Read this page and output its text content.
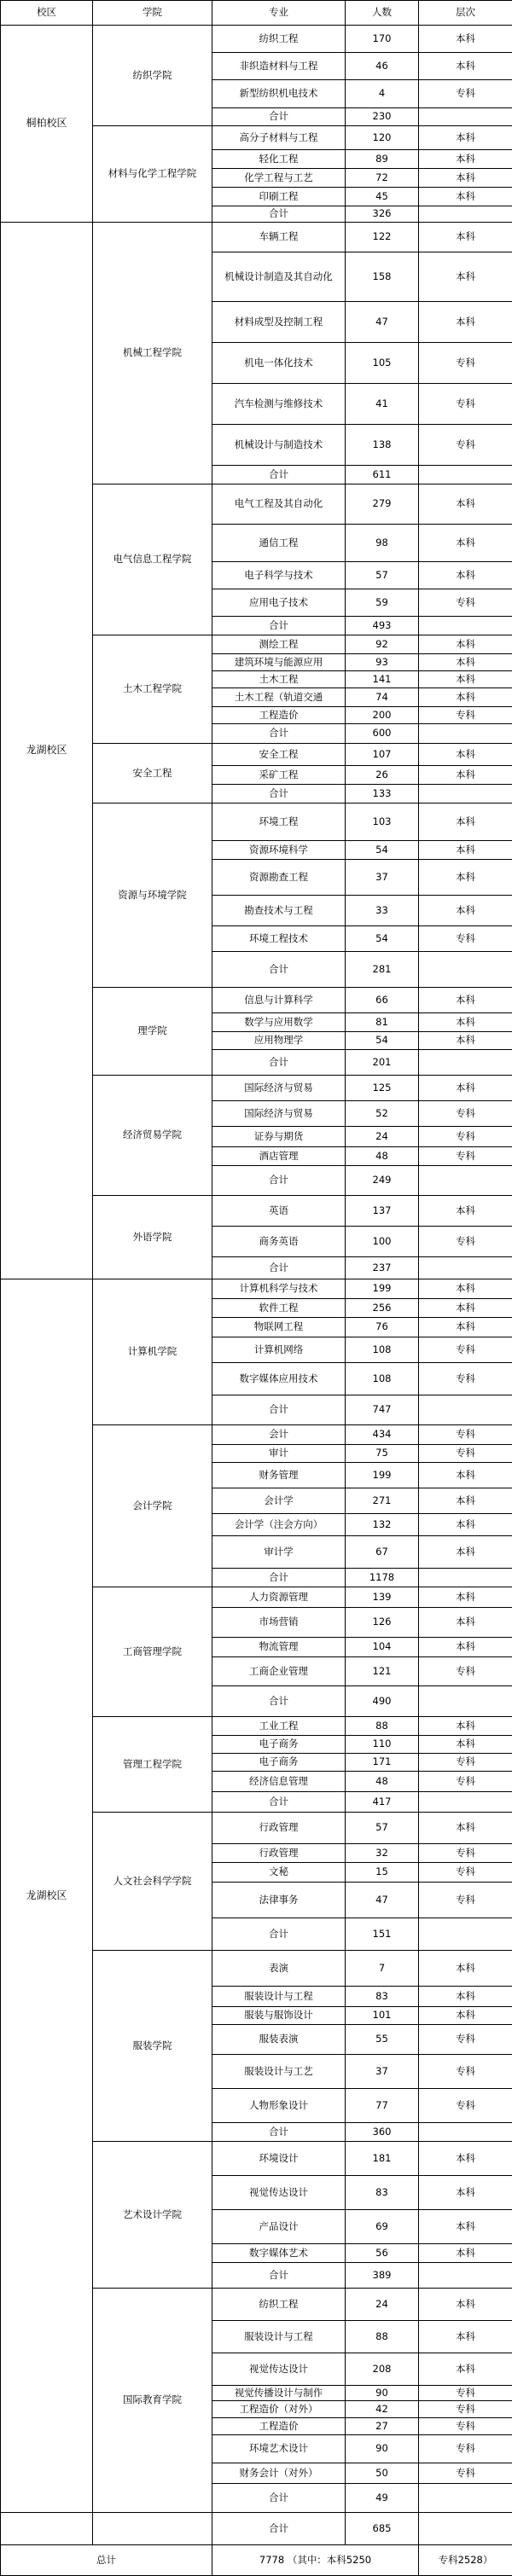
校区	学院	专业	人数	层次
桐柏校区	纺织学院	纺织工程	170	本科
		非织造材料与工程	46	本科
		新型纺织机电技术	4	专科
		合计	230	
	材料与化学工程学院	高分子材料与工程	120	本科
		轻化工程	89	本科
		化学工程与工艺	72	本科
		印刷工程	45	本科
		合计	326	
龙湖校区	机械工程学院	车辆工程	122	本科
		机械设计制造及其自动化	158	本科
		材料成型及控制工程	47	本科
		机电一体化技术	105	专科
		汽车检测与维修技术	41	专科
		机械设计与制造技术	138	专科
		合计	611	
	电气信息工程学院	电气工程及其自动化	279	本科
		通信工程	98	本科
		电子科学与技术	57	本科
		应用电子技术	59	专科
		合计	493	
	土木工程学院	测绘工程	92	本科
		建筑环境与能源应用	93	本科
		土木工程	141	本科
		土木工程（轨道交通	74	本科
		工程造价	200	专科
		合计	600	
	安全工程	安全工程	107	本科
		采矿工程	26	本科
		合计	133	
	资源与环境学院	环境工程	103	本科
		资源环境科学	54	本科
		资源勘查工程	37	本科
		勘查技术与工程	33	本科
		环境工程技术	54	专科
		合计	281	
	理学院	信息与计算科学	66	本科
		数学与应用数学	81	本科
		应用物理学	54	本科
		合计	201	
	经济贸易学院	国际经济与贸易	125	本科
		国际经济与贸易	52	专科
		证券与期货	24	专科
		酒店管理	48	专科
		合计	249	
	外语学院	英语	137	本科
		商务英语	100	专科
		合计	237	
龙湖校区	计算机学院	计算机科学与技术	199	本科
		软件工程	256	本科
		物联网工程	76	本科
		计算机网络	108	专科
		数字媒体应用技术	108	专科
		合计	747	
	会计学院	会计	434	专科
		审计	75	专科
		财务管理	199	本科
		会计学	271	本科
		会计学（注会方向）	132	本科
		审计学	67	本科
		合计	1178	
	工商管理学院	人力资源管理	139	本科
		市场营销	126	本科
		物流管理	104	本科
		工商企业管理	121	专科
		合计	490	
	管理工程学院	工业工程	88	本科
		电子商务	110	本科
		电子商务	171	专科
		经济信息管理	48	专科
		合计	417	
	人文社会科学学院	行政管理	57	本科
		行政管理	32	专科
		文秘	15	专科
		法律事务	47	专科
		合计	151	
	服装学院	表演	7	本科
		服装设计与工程	83	本科
		服装与服饰设计	101	本科
		服装表演	55	专科
		服装设计与工艺	37	专科
		人物形象设计	77	专科
		合计	360	
	艺术设计学院	环境设计	181	本科
		视觉传达设计	83	本科
		产品设计	69	本科
		数字媒体艺术	56	本科
		合计	389	
	国际教育学院	纺织工程	24	本科
		服装设计与工程	88	本科
		视觉传达设计	208	本科
		视觉传播设计与制作	90	专科
		工程造价（对外）	42	专科
		工程造价	27	专科
		环境艺术设计	90	专科
		财务会计（对外）	50	专科
		合计	49	
		合计	685	
总计		7778 （其中：本科5250		专科2528）
